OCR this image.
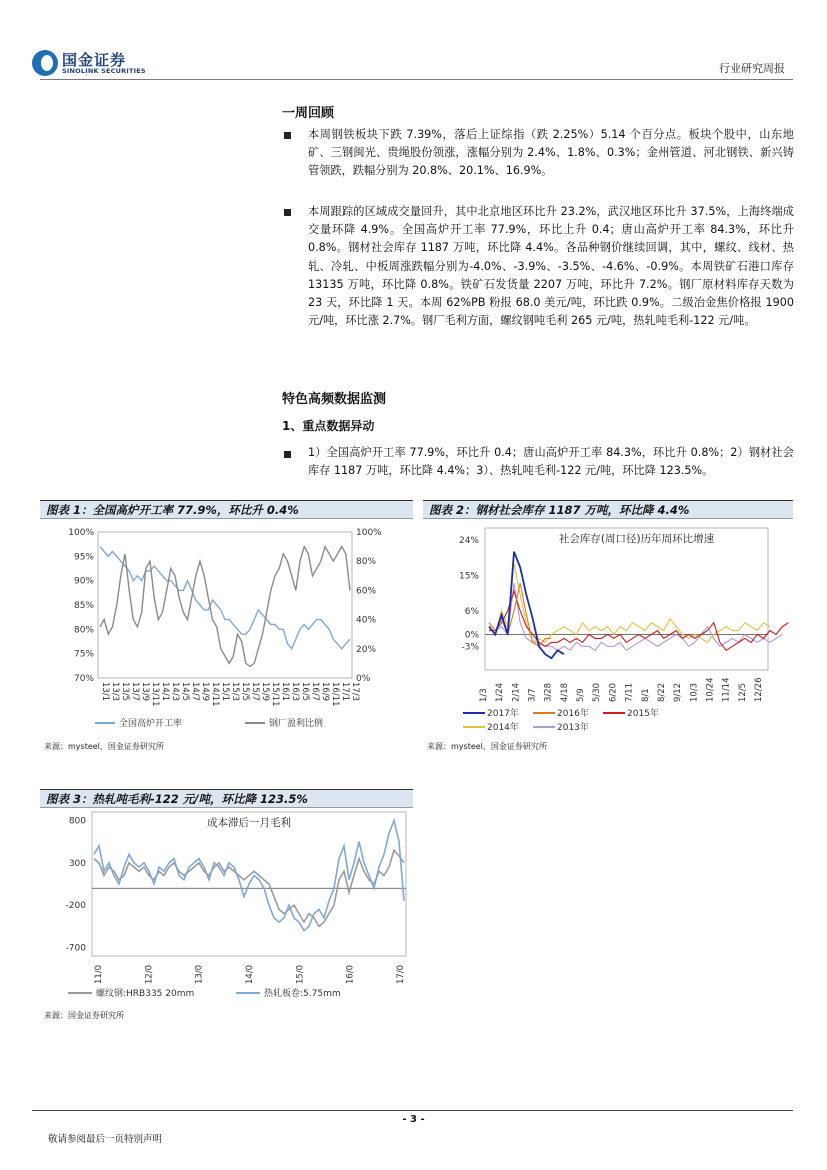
国金证券
SINOLINK SECURITIES	行业研究周报
一周回顾
本周钢铁板块下跌 7.39%，落后上证综指（跌 2.25%）5.14 个百分点。板块个股中，山东地矿、三钢闽光、贵绳股份领涨，涨幅分别为 2.4%、1.8%、0.3%；金州管道、河北钢铁、新兴铸管领跌，跌幅分别为 20.8%、20.1%、16.9%。
本周跟踪的区域成交量回升，其中北京地区环比升 23.2%，武汉地区环比升 37.5%，上海终端成交量环降 4.9%。全国高炉开工率 77.9%，环比上升 0.4；唐山高炉开工率 84.3%，环比升 0.8%。钢材社会库存 1187 万吨，环比降 4.4%。各品种钢价继续回调，其中，螺纹、线材、热轧、冷轧、中板周涨跌幅分别为-4.0%、-3.9%、-3.5%、-4.6%、-0.9%。本周铁矿石港口库存 13135 万吨，环比降 0.8%。铁矿石发货量 2207 万吨，环比升 7.2%。钢厂原材料库存天数为 23 天，环比降 1 天。本周 62%PB 粉报 68.0 美元/吨，环比跌 0.9%。二级冶金焦价格报 1900 元/吨，环比涨 2.7%。钢厂毛利方面，螺纹钢吨毛利 265 元/吨，热轧吨毛利-122 元/吨。
特色高频数据监测
1、重点数据异动
1）全国高炉开工率 77.9%，环比升 0.4；唐山高炉开工率 84.3%，环比升 0.8%；2）钢材社会库存 1187 万吨，环比降 4.4%；3）、热轧吨毛利-122 元/吨，环比降 123.5%。
图表 1：全国高炉开工率 77.9%，环比升 0.4%
100%
95%
90%
85%
80%
75%
70%
100%
80%
60%
40%
20%
0%
13/1 13/3 13/5 13/7 13/9 13/11 14/1 14/3 14/5 14/7 14/9 14/11 15/1 15/3 15/5 15/7 15/9 15/11 16/1 16/3 16/5 16/7 16/9 16/11 17/1 17/3
全国高炉开工率	钢厂盈利比例
来源：mysteel、国金证券研究所
图表 2：钢材社会库存 1187 万吨，环比降 4.4%
社会库存(周口径)历年周环比增速
24%
15%
6%
0%
-3%
1/3 1/24 2/14 3/7 3/28 4/18 5/9 5/30 6/20 7/11 8/1 8/22 9/12 10/3 10/24 11/14 12/5 12/26
2017年	2016年	2015年
2014年	2013年
来源：mysteel、国金证券研究所
图表 3：热轧吨毛利-122 元/吨，环比降 123.5%
成本滞后一月毛利
800
300
-200
-700
11/0	12/0	13/0	14/0	15/0	16/0	17/0
螺纹钢:HRB335 20mm	热轧板卷:5.75mm
来源：国金证券研究所
- 3 -
敬请参阅最后一页特别声明
